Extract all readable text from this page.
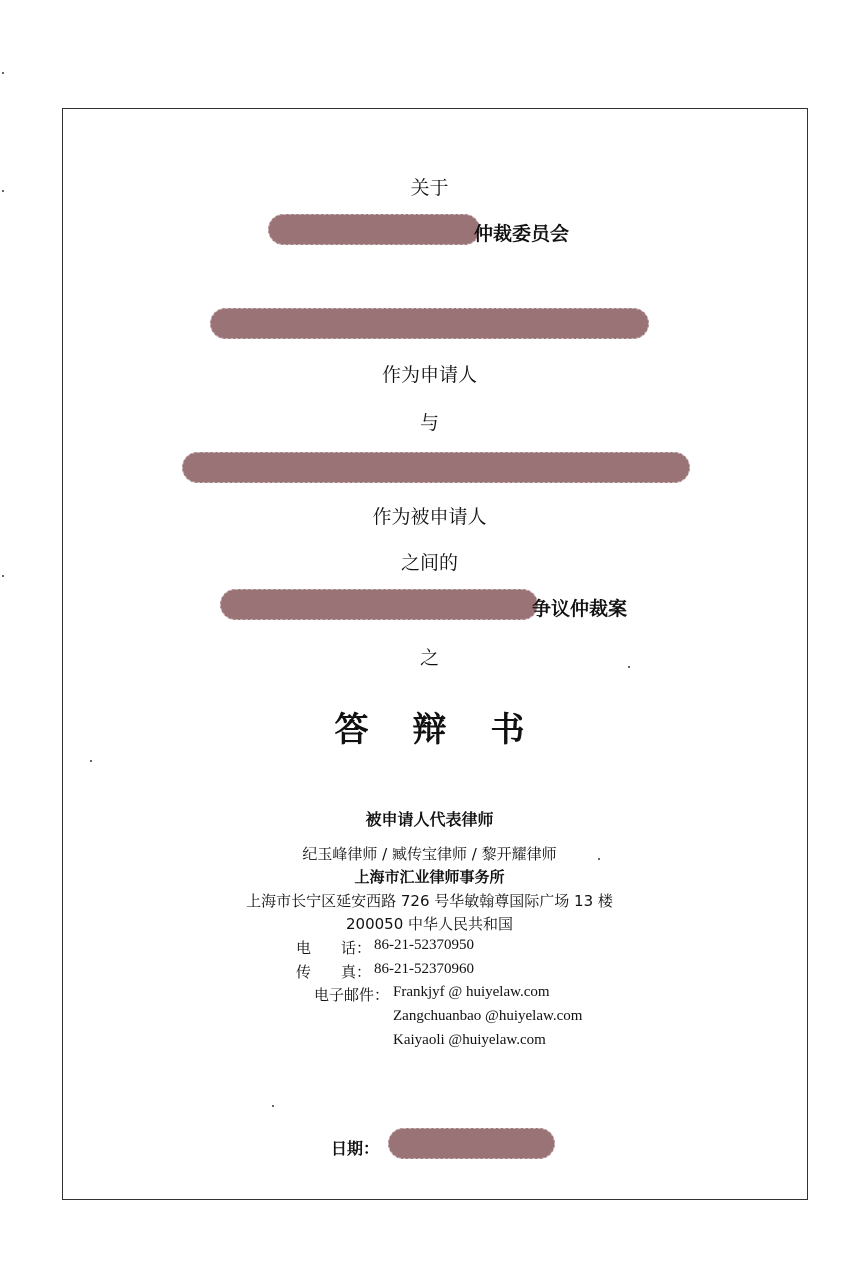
关于
仲裁委员会
作为申请人
与
作为被申请人
之间的
争议仲裁案
之
答辩书
被申请人代表律师
纪玉峰律师 / 臧传宝律师 / 黎开耀律师
上海市汇业律师事务所
上海市长宁区延安西路 726 号华敏翰尊国际广场 13 楼
200050 中华人民共和国
电　　话： 86-21-52370950
传　　真： 86-21-52370960
电子邮件： Frankjyf @ huiyelaw.com
Zangchuanbao @huiyelaw.com
Kaiyaoli @huiyelaw.com
日期：
